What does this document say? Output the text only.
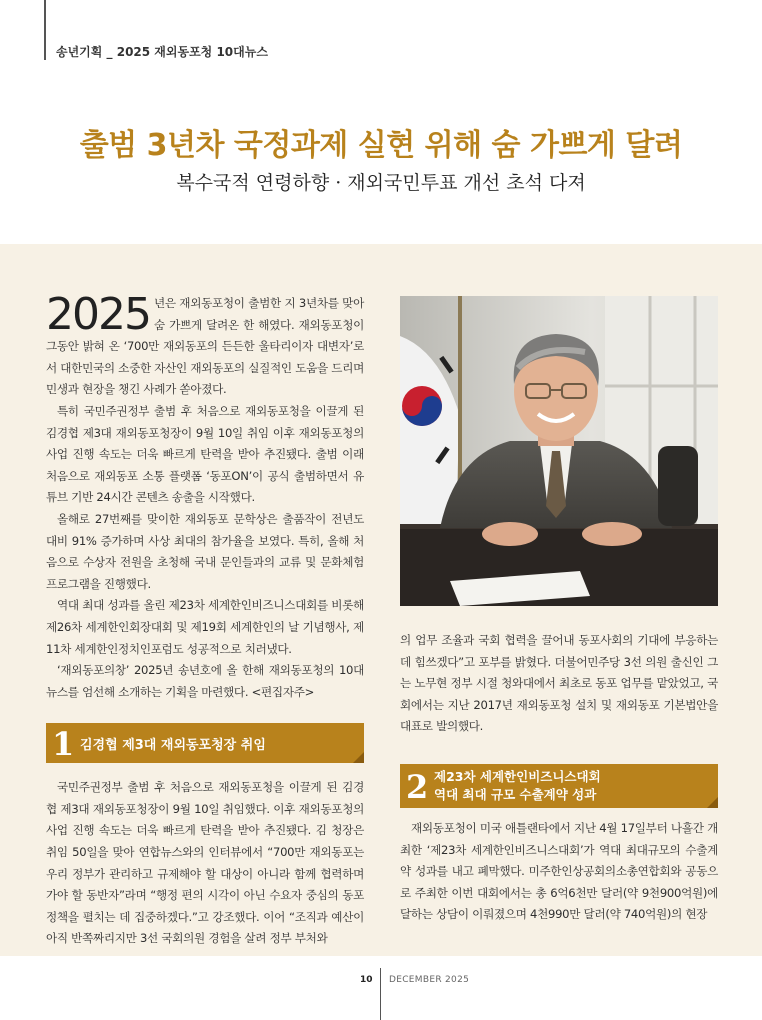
송년기획 _ 2025 재외동포청 10대뉴스
출범 3년차 국정과제 실현 위해 숨 가쁘게 달려
복수국적 연령하향 · 재외국민투표 개선 초석 다져

2025 년은 재외동포청이 출범한 지 3년차를 맞아 숨 가쁘게 달려온 한 해였다. 재외동포청이 그동안 밝혀 온 ‘700만 재외동포의 든든한 울타리이자 대변자’로서 대한민국의 소중한 자산인 재외동포의 실질적인 도움을 드리며 민생과 현장을 챙긴 사례가 쏟아졌다.

특히 국민주권정부 출범 후 처음으로 재외동포청을 이끌게 된 김경협 제3대 재외동포청장이 9월 10일 취임 이후 재외동포청의 사업 진행 속도는 더욱 빠르게 탄력을 받아 추진됐다. 출범 이래 처음으로 재외동포 소통 플랫폼 ‘동포ON’이 공식 출범하면서 유튜브 기반 24시간 콘텐츠 송출을 시작했다.

올해로 27번째를 맞이한 재외동포 문학상은 출품작이 전년도 대비 91% 증가하며 사상 최대의 참가율을 보였다. 특히, 올해 처음으로 수상자 전원을 초청해 국내 문인들과의 교류 및 문화체험 프로그램을 진행했다.

역대 최대 성과를 올린 제23차 세계한인비즈니스대회를 비롯해 제26차 세계한인회장대회 및 제19회 세계한인의 날 기념행사, 제11차 세계한인정치인포럼도 성공적으로 치러냈다.

‘재외동포의창’ 2025년 송년호에 올 한해 재외동포청의 10대 뉴스를 엄선해 소개하는 기획을 마련했다. <편집자주>

1 김경협 제3대 재외동포청장 취임

국민주권정부 출범 후 처음으로 재외동포청을 이끌게 된 김경협 제3대 재외동포청장이 9월 10일 취임했다. 이후 재외동포청의 사업 진행 속도는 더욱 빠르게 탄력을 받아 추진됐다. 김 청장은 취임 50일을 맞아 연합뉴스와의 인터뷰에서 “700만 재외동포는 우리 정부가 관리하고 규제해야 할 대상이 아니라 함께 협력하며 가야 할 동반자”라며 “행정 편의 시각이 아닌 수요자 중심의 동포 정책을 펼치는 데 집중하겠다.”고 강조했다. 이어 “조직과 예산이 아직 반쪽짜리지만 3선 국회의원 경험을 살려 정부 부처와

의 업무 조율과 국회 협력을 끌어내 동포사회의 기대에 부응하는데 힘쓰겠다”고 포부를 밝혔다. 더불어민주당 3선 의원 출신인 그는 노무현 정부 시절 청와대에서 최초로 동포 업무를 맡았었고, 국회에서는 지난 2017년 재외동포청 설치 및 재외동포 기본법안을 대표로 발의했다.

2 제23차 세계한인비즈니스대회
역대 최대 규모 수출계약 성과

재외동포청이 미국 애틀랜타에서 지난 4월 17일부터 나흘간 개최한 ‘제23차 세계한인비즈니스대회’가 역대 최대규모의 수출계약 성과를 내고 폐막했다. 미주한인상공회의소총연합회와 공동으로 주최한 이번 대회에서는 총 6억6천만 달러(약 9천900억원)에 달하는 상담이 이뤄졌으며 4천990만 달러(약 740억원)의 현장

10 DECEMBER 2025
